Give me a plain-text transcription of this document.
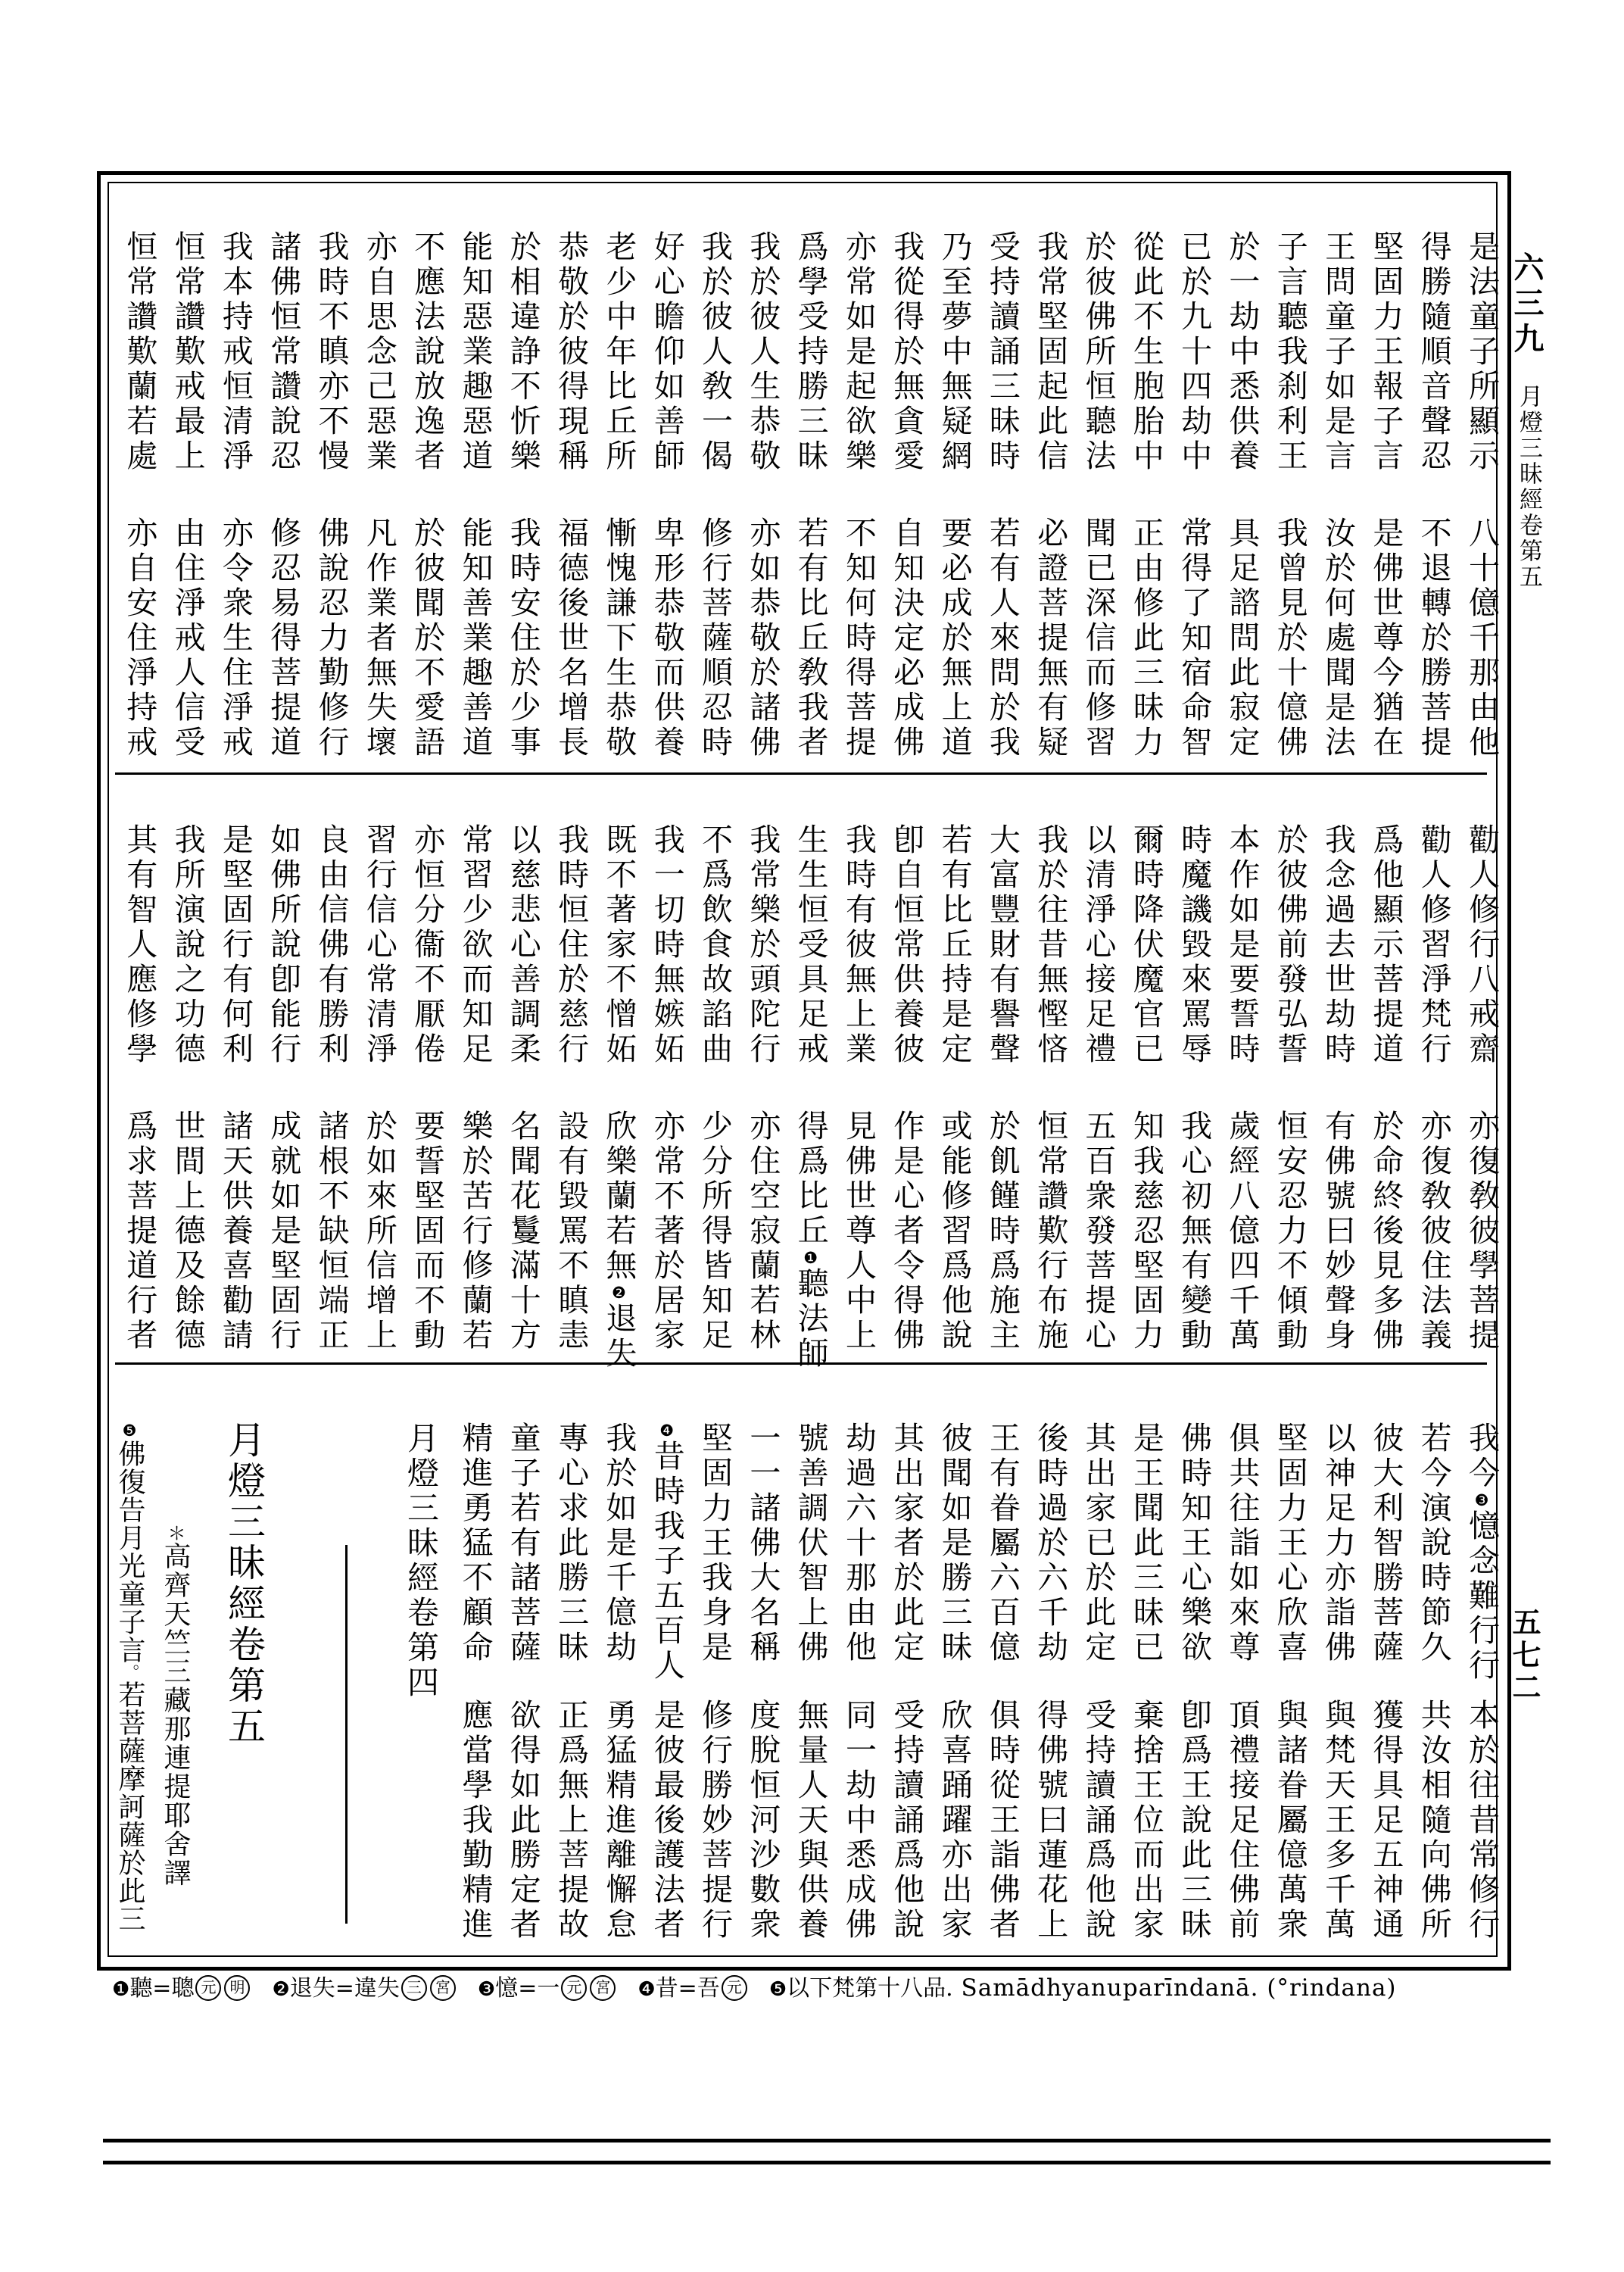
六三九
月燈三昧經卷第五
五七二
是法童子所顯示
八十億千那由他
得勝隨順音聲忍
不退轉於勝菩提
堅固力王報子言
是佛世尊今猶在
王問童子如是言
汝於何處聞是法
子言聽我刹利王
我曾見於十億佛
於一劫中悉供養
具足諮問此寂定
已於九十四劫中
常得了知宿命智
從此不生胞胎中
正由修此三昧力
於彼佛所恒聽法
聞已深信而修習
我常堅固起此信
必證菩提無有疑
受持讀誦三昧時
若有人來問於我
乃至夢中無疑網
要必成於無上道
我從得於無貪愛
自知決定必成佛
亦常如是起欲樂
不知何時得菩提
爲學受持勝三昧
若有比丘敎我者
我於彼人生恭敬
亦如恭敬於諸佛
我於彼人敎一偈
修行菩薩順忍時
好心瞻仰如善師
卑形恭敬而供養
老少中年比丘所
慚愧謙下生恭敬
恭敬於彼得現稱
福德後世名增長
於相違諍不忻樂
我時安住於少事
能知惡業趣惡道
能知善業趣善道
不應法說放逸者
於彼聞於不愛語
亦自思念己惡業
凡作業者無失壞
我時不瞋亦不慢
佛說忍力勤修行
諸佛恒常讚說忍
修忍易得菩提道
我本持戒恒清淨
亦令衆生住淨戒
恒常讚歎戒最上
由住淨戒人信受
恒常讚歎蘭若處
亦自安住淨持戒
勸人修行八戒齋
亦復敎彼學菩提
勸人修習淨梵行
亦復敎彼住法義
爲他顯示菩提道
於命終後見多佛
我念過去世劫時
有佛號曰妙聲身
於彼佛前發弘誓
恒安忍力不傾動
本作如是要誓時
歲經八億四千萬
時魔譏毀來罵辱
我心初無有變動
爾時降伏魔官已
知我慈忍堅固力
以清淨心接足禮
五百衆發菩提心
我於往昔無慳悋
恒常讚歎行布施
大富豐財有譽聲
於飢饉時爲施主
若有比丘持是定
或能修習爲他說
卽自恒常供養彼
作是心者令得佛
我時有彼無上業
見佛世尊人中上
生生恒受具足戒
得爲比丘❶聽法師
我常樂於頭陀行
亦住空寂蘭若林
不爲飲食故諂曲
少分所得皆知足
我一切時無嫉妬
亦常不著於居家
既不著家不憎妬
欣樂蘭若無❷退失
我時恒住於慈行
設有毀罵不瞋恚
以慈悲心善調柔
名聞花鬘滿十方
常習少欲而知足
樂於苦行修蘭若
亦恒分衞不厭倦
要誓堅固而不動
習行信心常清淨
於如來所信增上
良由信佛有勝利
諸根不缺恒端正
如佛所說卽能行
成就如是堅固行
是堅固行有何利
諸天供養喜勸請
我所演說之功德
世間上德及餘德
其有智人應修學
爲求菩提道行者
我今❸憶念難行行
本於往昔常修行
若今演說時節久
共汝相隨向佛所
彼大利智勝菩薩
獲得具足五神通
以神足力亦詣佛
與梵天王多千萬
堅固力王心欣喜
與諸眷屬億萬衆
俱共往詣如來尊
頂禮接足住佛前
佛時知王心樂欲
卽爲王說此三昧
是王聞此三昧已
棄捨王位而出家
其出家已於此定
受持讀誦爲他說
後時過於六千劫
得佛號曰蓮花上
王有眷屬六百億
俱時從王詣佛者
彼聞如是勝三昧
欣喜踊躍亦出家
其出家者於此定
受持讀誦爲他說
劫過六十那由他
同一劫中悉成佛
號善調伏智上佛
無量人天與供養
一一諸佛大名稱
度脫恒河沙數衆
堅固力王我身是
修行勝妙菩提行
❹昔時我子五百人
是彼最後護法者
我於如是千億劫
勇猛精進離懈怠
專心求此勝三昧
正爲無上菩提故
童子若有諸菩薩
欲得如此勝定者
精進勇猛不顧命
應當學我勤精進
月燈三昧經卷第四
月燈三昧經卷第五
＊高齊天竺三藏那連提耶舍譯
❺佛復告月光童子言。若菩薩摩訶薩於此三
❶聽=聰 元 明 ❷退失=違失 三 宮 ❸憶=一 元 宮 ❹昔=吾 元 ❺以下梵第十八品. Samādhyanuparīndanā. (°rindana)
